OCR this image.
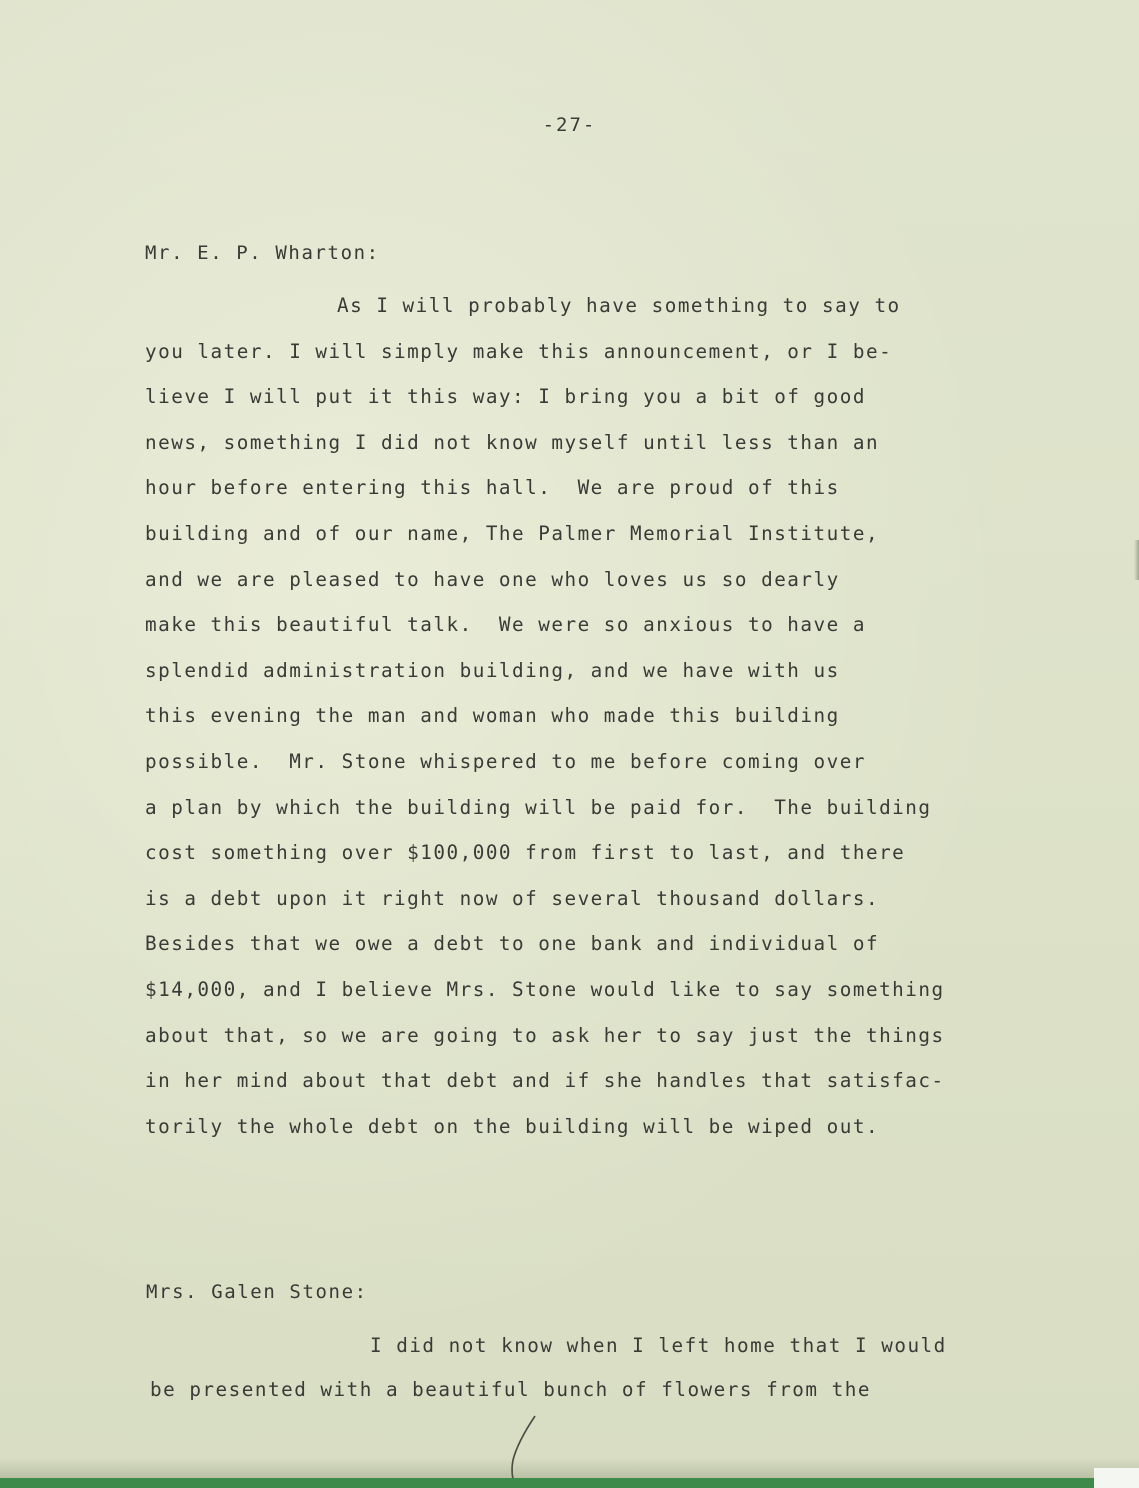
-27-
Mr. E. P. Wharton:
As I will probably have something to say to
you later. I will simply make this announcement, or I be-
lieve I will put it this way: I bring you a bit of good
news, something I did not know myself until less than an
hour before entering this hall.  We are proud of this
building and of our name, The Palmer Memorial Institute,
and we are pleased to have one who loves us so dearly
make this beautiful talk.  We were so anxious to have a
splendid administration building, and we have with us
this evening the man and woman who made this building
possible.  Mr. Stone whispered to me before coming over
a plan by which the building will be paid for.  The building
cost something over $100,000 from first to last, and there
is a debt upon it right now of several thousand dollars.
Besides that we owe a debt to one bank and individual of
$14,000, and I believe Mrs. Stone would like to say something
about that, so we are going to ask her to say just the things
in her mind about that debt and if she handles that satisfac-
torily the whole debt on the building will be wiped out.
Mrs. Galen Stone:
I did not know when I left home that I would
be presented with a beautiful bunch of flowers from the
